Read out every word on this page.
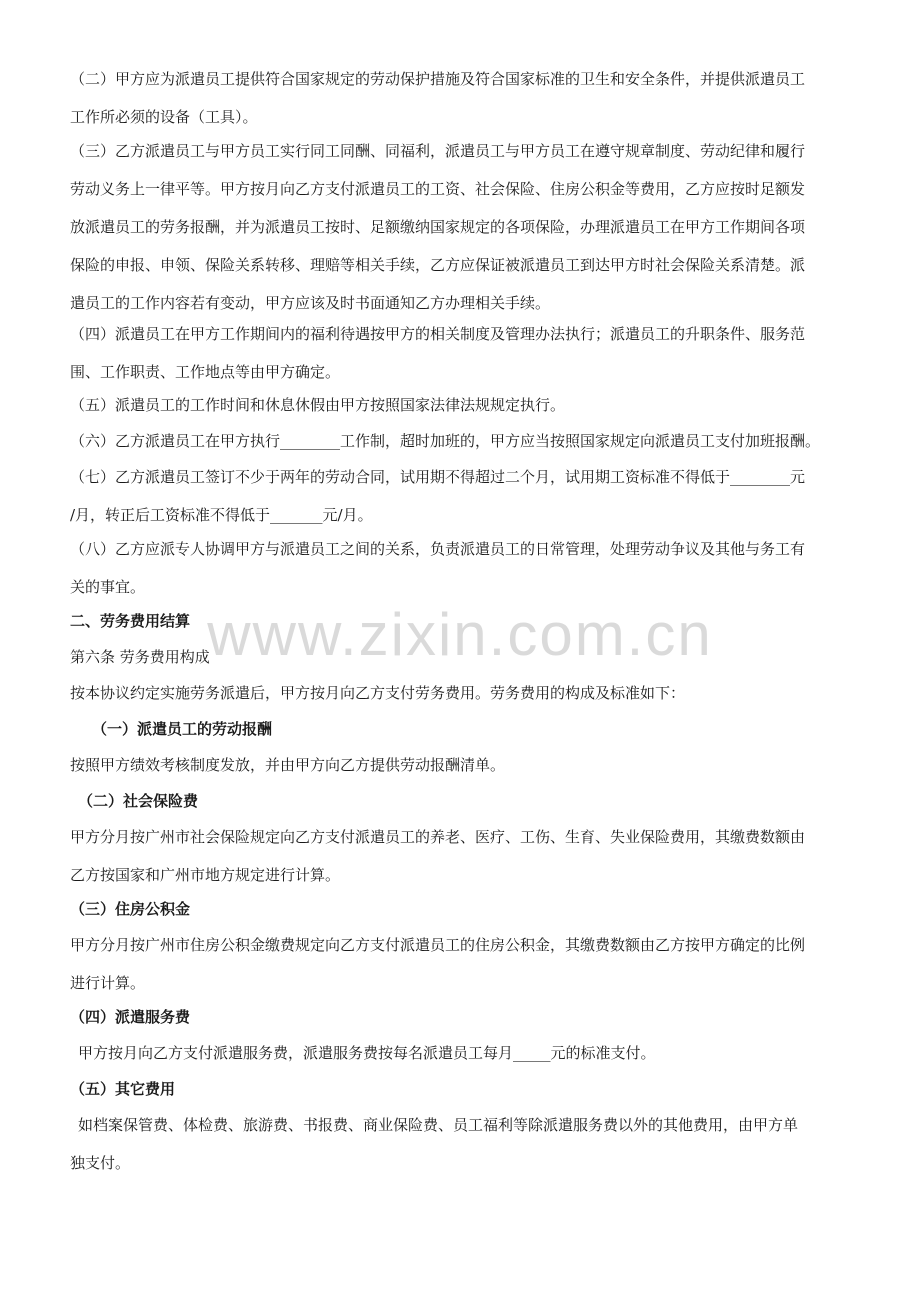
（二）甲方应为派遣员工提供符合国家规定的劳动保护措施及符合国家标准的卫生和安全条件，并提供派遣员工
工作所必须的设备（工具）。
（三）乙方派遣员工与甲方员工实行同工同酬、同福利，派遣员工与甲方员工在遵守规章制度、劳动纪律和履行
劳动义务上一律平等。甲方按月向乙方支付派遣员工的工资、社会保险、住房公积金等费用，乙方应按时足额发
放派遣员工的劳务报酬，并为派遣员工按时、足额缴纳国家规定的各项保险，办理派遣员工在甲方工作期间各项
保险的申报、申领、保险关系转移、理赔等相关手续，乙方应保证被派遣员工到达甲方时社会保险关系清楚。派
遣员工的工作内容若有变动，甲方应该及时书面通知乙方办理相关手续。
（四）派遣员工在甲方工作期间内的福利待遇按甲方的相关制度及管理办法执行；派遣员工的升职条件、服务范
围、工作职责、工作地点等由甲方确定。
（五）派遣员工的工作时间和休息休假由甲方按照国家法律法规规定执行。
（六）乙方派遣员工在甲方执行________工作制，超时加班的，甲方应当按照国家规定向派遣员工支付加班报酬。
（七）乙方派遣员工签订不少于两年的劳动合同，试用期不得超过二个月，试用期工资标准不得低于________元
/月，转正后工资标准不得低于_______元/月。
（八）乙方应派专人协调甲方与派遣员工之间的关系，负责派遣员工的日常管理，处理劳动争议及其他与务工有
关的事宜。
二、劳务费用结算
第六条 劳务费用构成
按本协议约定实施劳务派遣后，甲方按月向乙方支付劳务费用。劳务费用的构成及标准如下：
（一）派遣员工的劳动报酬
按照甲方绩效考核制度发放，并由甲方向乙方提供劳动报酬清单。
（二）社会保险费
甲方分月按广州市社会保险规定向乙方支付派遣员工的养老、医疗、工伤、生育、失业保险费用，其缴费数额由
乙方按国家和广州市地方规定进行计算。
（三）住房公积金
甲方分月按广州市住房公积金缴费规定向乙方支付派遣员工的住房公积金，其缴费数额由乙方按甲方确定的比例
进行计算。
（四）派遣服务费
甲方按月向乙方支付派遣服务费，派遣服务费按每名派遣员工每月_____元的标准支付。
（五）其它费用
如档案保管费、体检费、旅游费、书报费、商业保险费、员工福利等除派遣服务费以外的其他费用，由甲方单
独支付。
www.zixin.com.cn
